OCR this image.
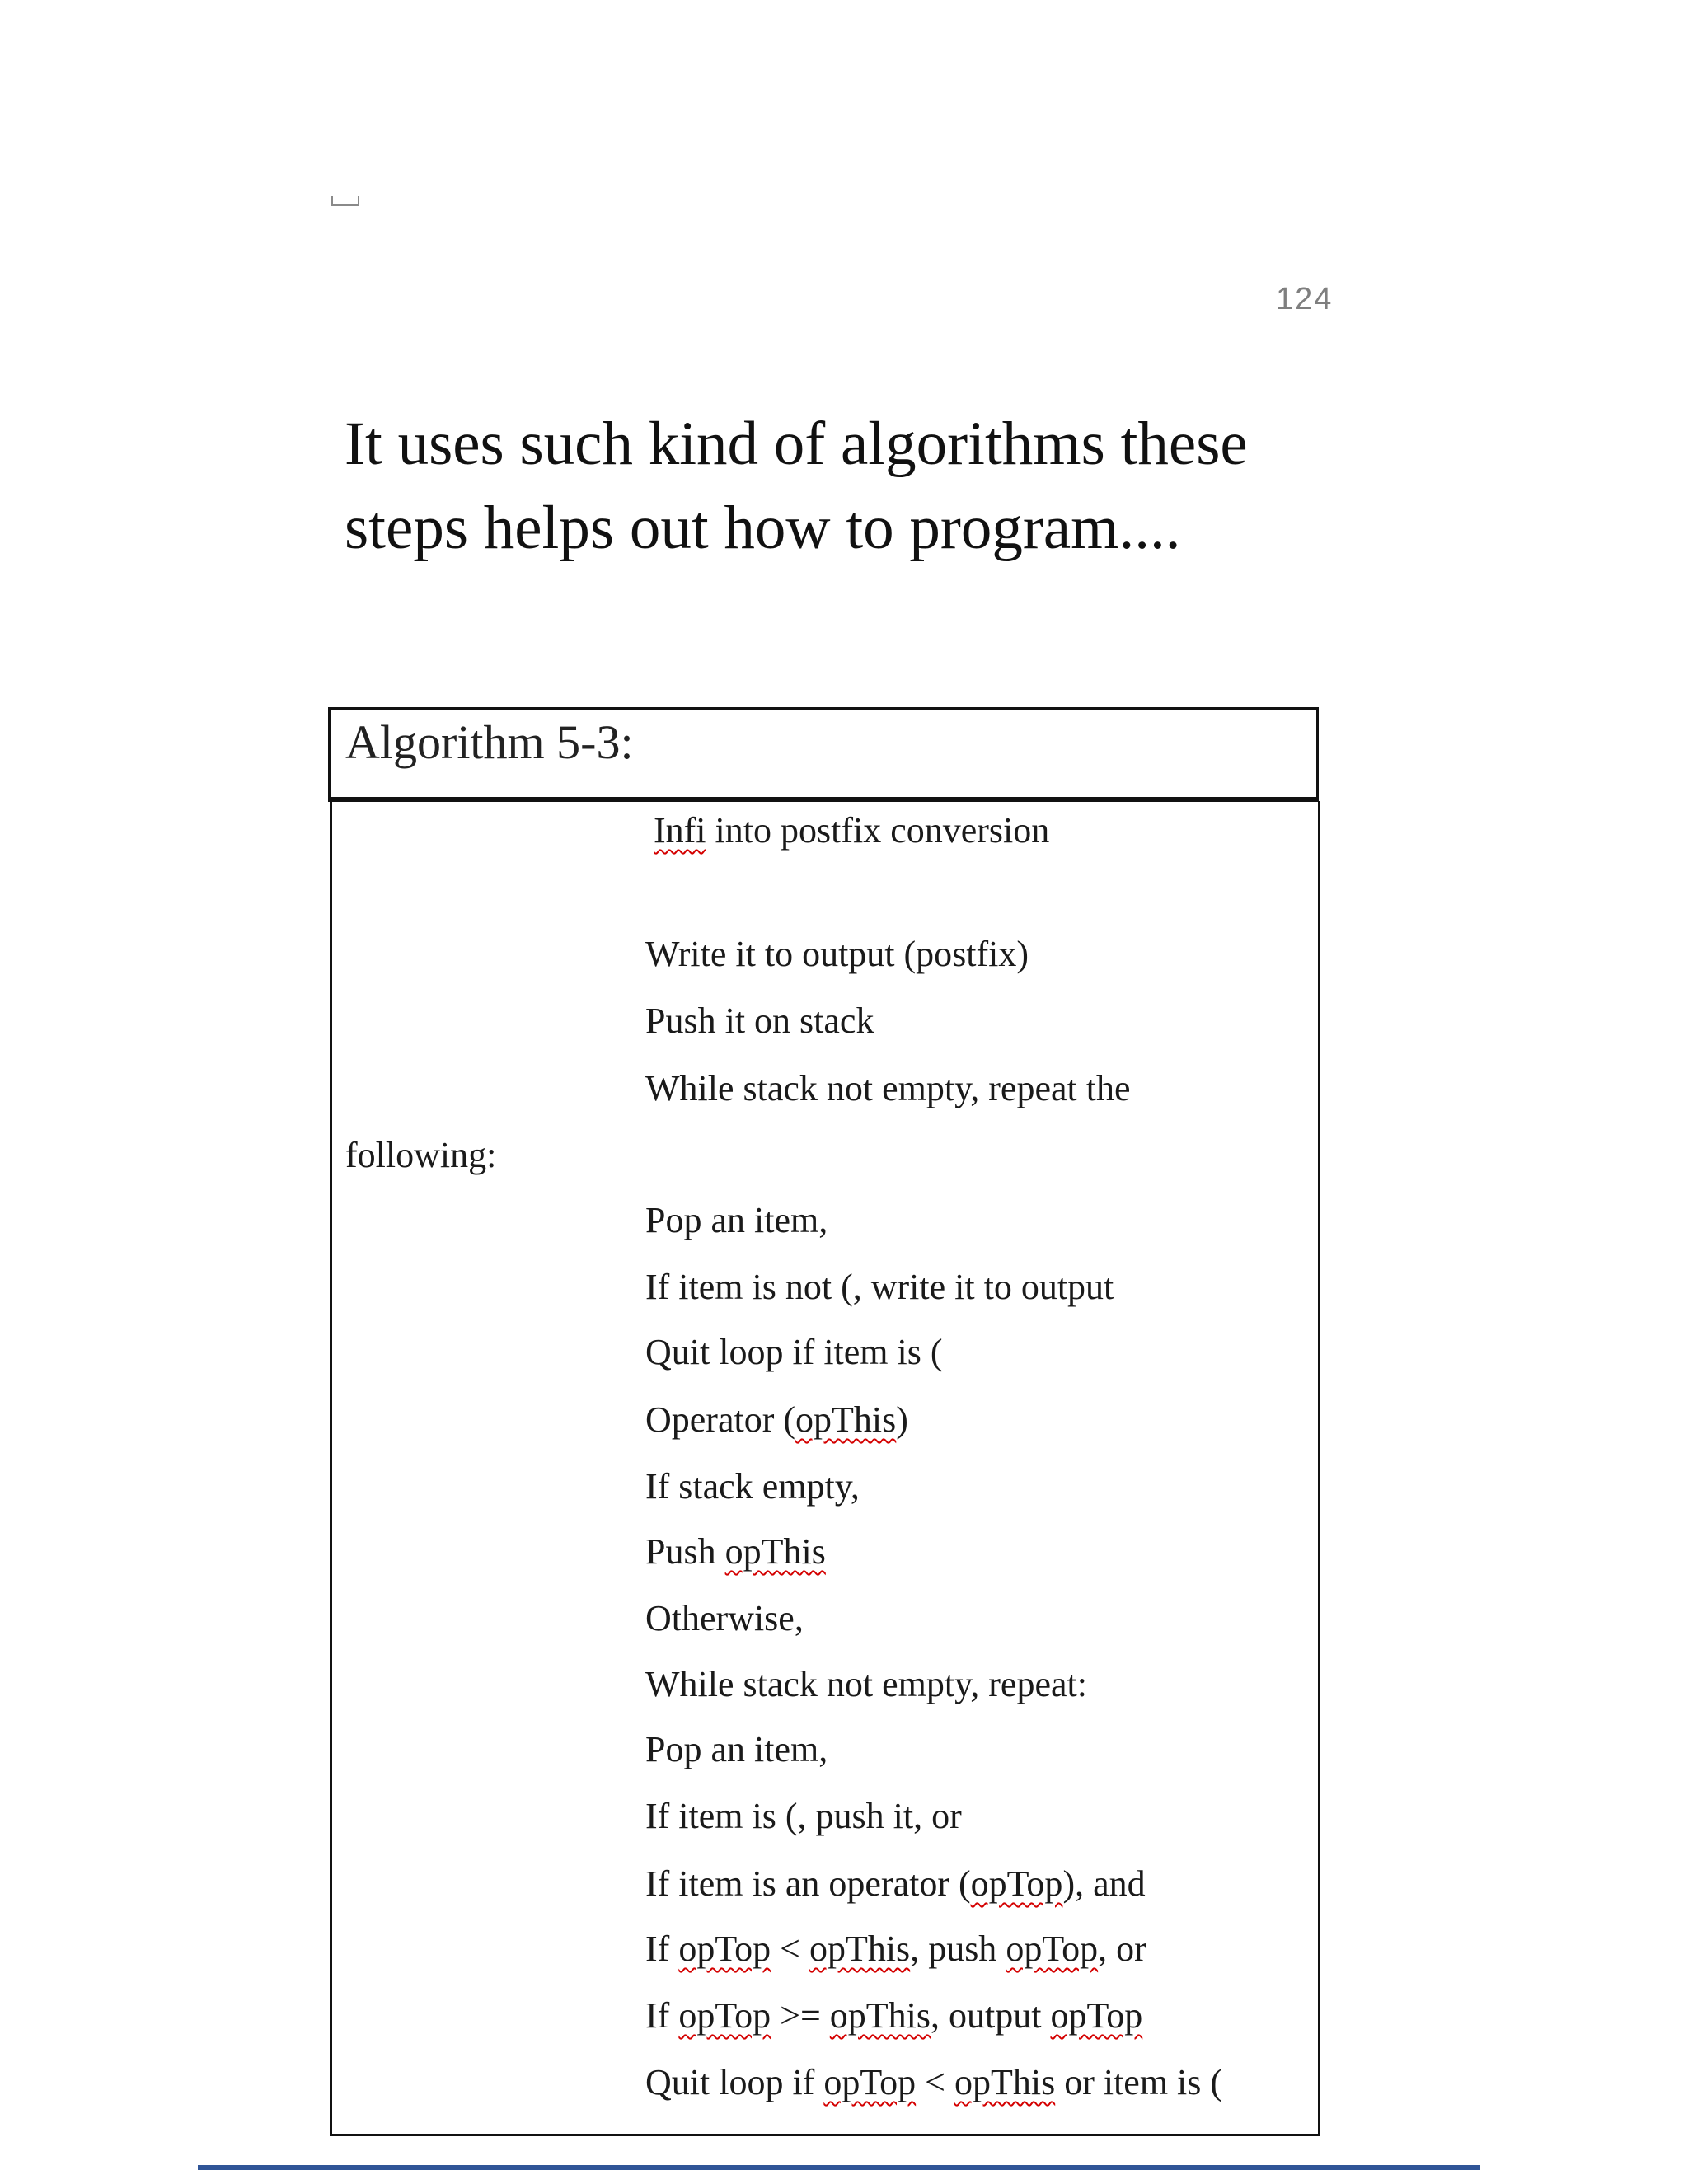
124
It uses such kind of algorithms these
steps helps out how to program....
Algorithm 5-3:
Infi into postfix conversion
Write it to output (postfix)
Push it on stack
While stack not empty, repeat the
following:
Pop an item,
If item is not (, write it to output
Quit loop if item is (
Operator (opThis)
If stack empty,
Push opThis
Otherwise,
While stack not empty, repeat:
Pop an item,
If item is (, push it, or
If item is an operator (opTop), and
If opTop < opThis, push opTop, or
If opTop >= opThis, output opTop
Quit loop if opTop < opThis or item is (
